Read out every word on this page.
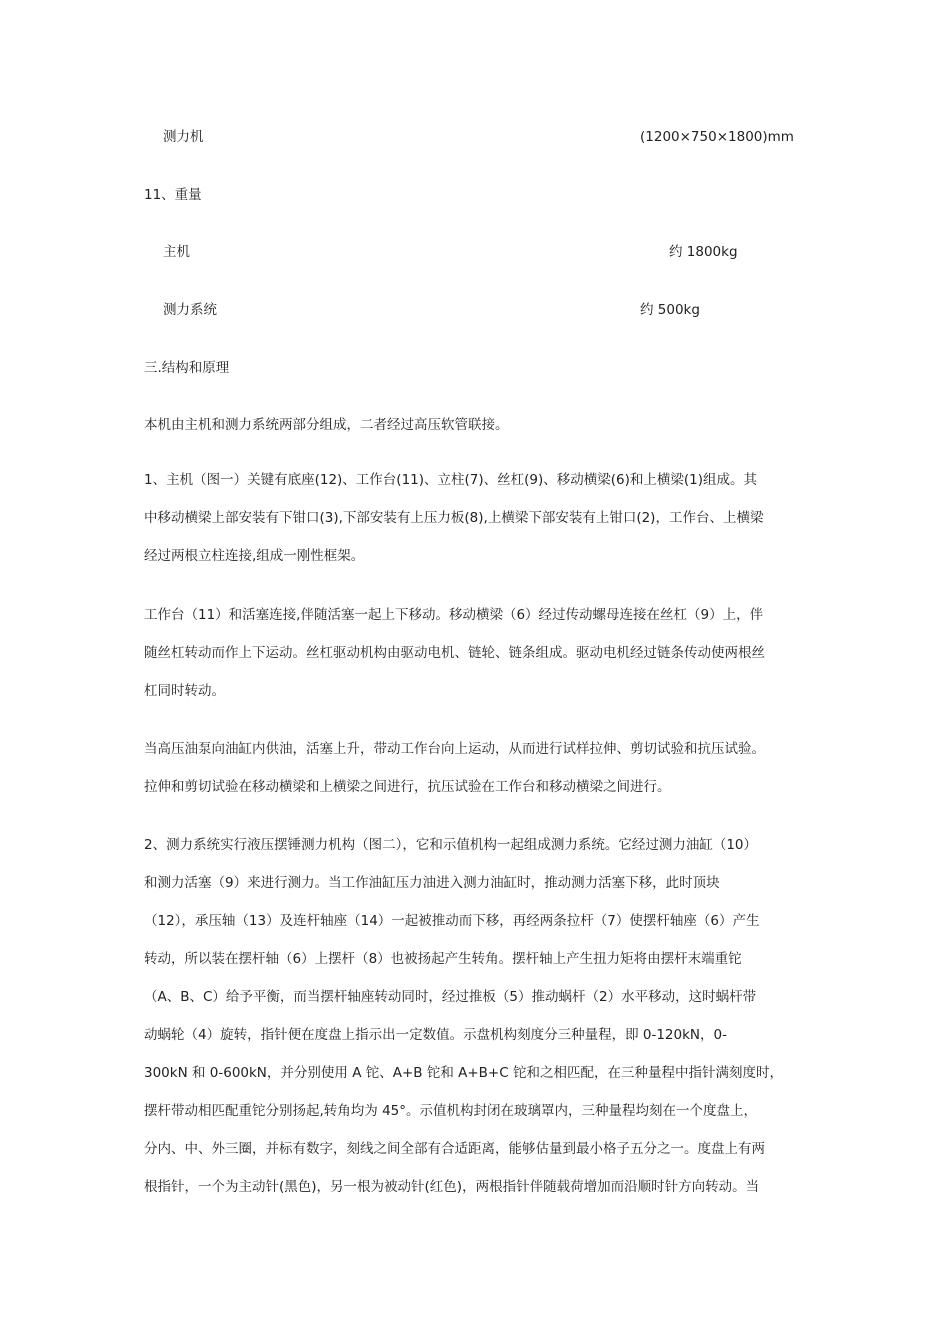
测力机	(1200×750×1800)mm
11、重量
主机	约 1800kg
测力系统	约 500kg
三.结构和原理
本机由主机和测力系统两部分组成，二者经过高压软管联接。
1、主机（图一）关键有底座(12)、工作台(11)、立柱(7)、丝杠(9)、移动横梁(6)和上横梁(1)组成。其
中移动横梁上部安装有下钳口(3),下部安装有上压力板(8),上横梁下部安装有上钳口(2)，工作台、上横梁
经过两根立柱连接,组成一刚性框架。
工作台（11）和活塞连接,伴随活塞一起上下移动。移动横梁（6）经过传动螺母连接在丝杠（9）上，伴
随丝杠转动而作上下运动。丝杠驱动机构由驱动电机、链轮、链条组成。驱动电机经过链条传动使两根丝
杠同时转动。
当高压油泵向油缸内供油，活塞上升，带动工作台向上运动，从而进行试样拉伸、剪切试验和抗压试验。
拉伸和剪切试验在移动横梁和上横梁之间进行，抗压试验在工作台和移动横梁之间进行。
2、测力系统实行液压摆锤测力机构（图二），它和示值机构一起组成测力系统。它经过测力油缸（10）
和测力活塞（9）来进行测力。当工作油缸压力油进入测力油缸时，推动测力活塞下移，此时顶块
（12），承压轴（13）及连杆轴座（14）一起被推动而下移，再经两条拉杆（7）使摆杆轴座（6）产生
转动，所以装在摆杆轴（6）上摆杆（8）也被扬起产生转角。摆杆轴上产生扭力矩将由摆杆末端重铊
（A、B、C）给予平衡，而当摆杆轴座转动同时，经过推板（5）推动蜗杆（2）水平移动，这时蜗杆带
动蜗轮（4）旋转，指针便在度盘上指示出一定数值。示盘机构刻度分三种量程，即 0-120kN，0-
300kN 和 0-600kN，并分别使用 A 铊、A+B 铊和 A+B+C 铊和之相匹配，在三种量程中指针满刻度时，
摆杆带动相匹配重铊分别扬起,转角均为 45°。示值机构封闭在玻璃罩内，三种量程均刻在一个度盘上，
分内、中、外三圈，并标有数字，刻线之间全部有合适距离，能够估量到最小格子五分之一。度盘上有两
根指针，一个为主动针(黑色)，另一根为被动针(红色)，两根指针伴随载荷增加而沿顺时针方向转动。当
